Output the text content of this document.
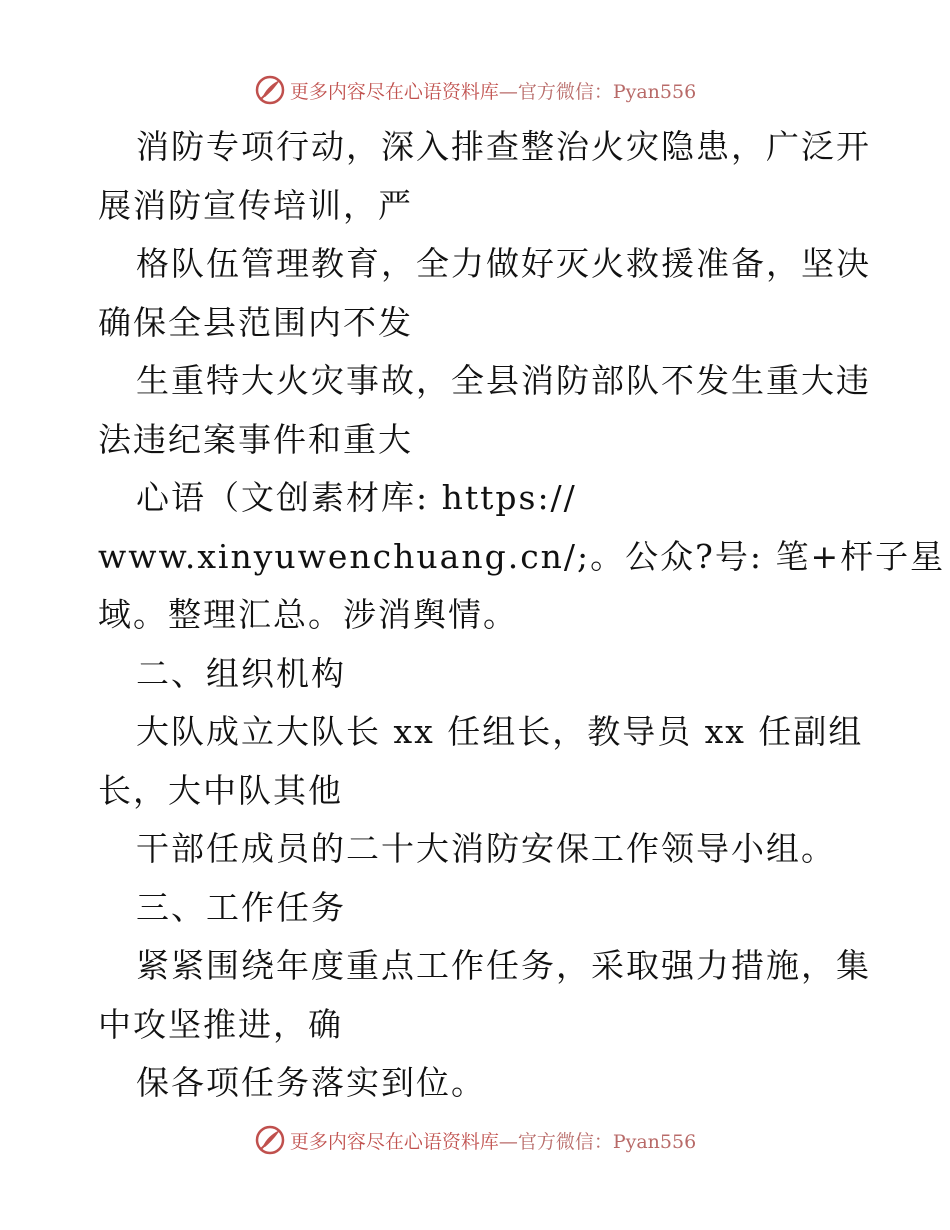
更多内容尽在心语资料库—官方微信：Pyan556
消防专项行动，深入排查整治火灾隐患，广泛开
展消防宣传培训，严
格队伍管理教育，全力做好灭火救援准备，坚决
确保全县范围内不发
生重特大火灾事故，全县消防部队不发生重大违
法违纪案事件和重大
心语（文创素材库: https://
www.xinyuwenchuang.cn/;。公众?号: 笔+杆子星
域。整理汇总。涉消舆情。
二、组织机构
大队成立大队长 xx 任组长，教导员 xx 任副组
长，大中队其他
干部任成员的二十大消防安保工作领导小组。
三、工作任务
紧紧围绕年度重点工作任务，采取强力措施，集
中攻坚推进，确
保各项任务落实到位。
更多内容尽在心语资料库—官方微信：Pyan556
